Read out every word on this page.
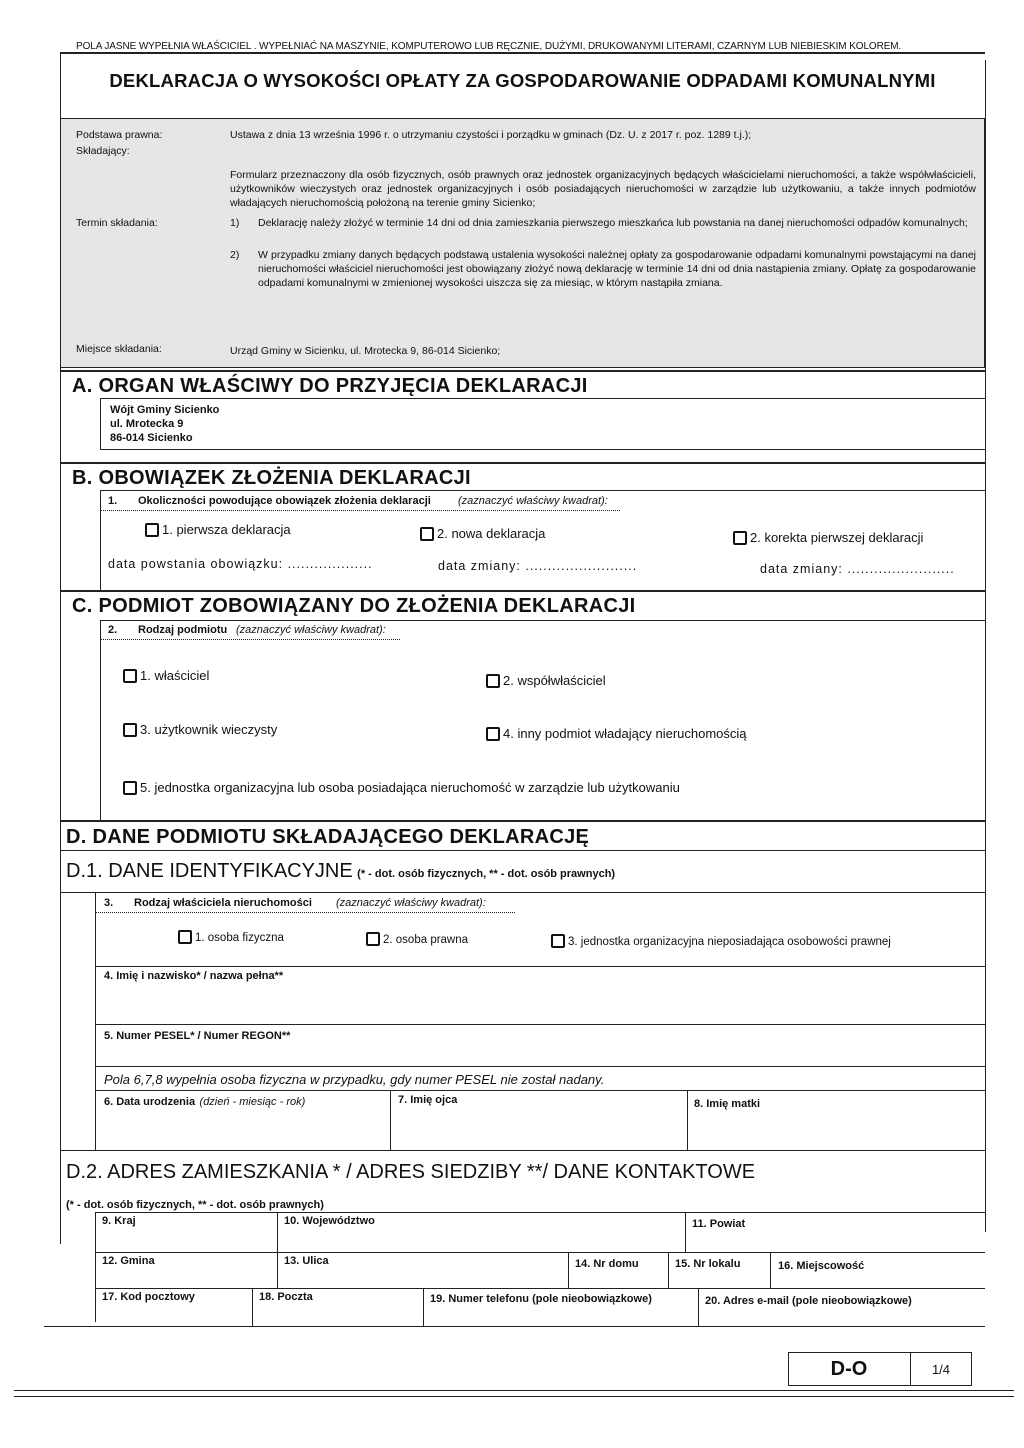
POLA JASNE WYPEŁNIA WŁAŚCICIEL . WYPEŁNIAĆ NA MASZYNIE, KOMPUTEROWO LUB RĘCZNIE, DUŻYMI, DRUKOWANYMI LITERAMI, CZARNYM LUB NIEBIESKIM KOLOREM.
DEKLARACJA O WYSOKOŚCI OPŁATY ZA GOSPODAROWANIE ODPADAMI KOMUNALNYMI
Podstawa prawna:	Ustawa z dnia 13 września 1996 r. o utrzymaniu czystości i porządku w gminach (Dz. U. z 2017 r. poz. 1289 t.j.);
Składający:
Formularz przeznaczony dla osób fizycznych, osób prawnych oraz jednostek organizacyjnych będących właścicielami nieruchomości, a także współwłaścicieli, użytkowników wieczystych oraz jednostek organizacyjnych i osób posiadających nieruchomości w zarządzie lub użytkowaniu, a także innych podmiotów władających nieruchomością położoną na terenie gminy Sicienko;
Termin składania:	1) Deklarację należy złożyć w terminie 14 dni od dnia zamieszkania pierwszego mieszkańca lub powstania na danej nieruchomości odpadów komunalnych;
2) W przypadku zmiany danych będących podstawą ustalenia wysokości należnej opłaty za gospodarowanie odpadami komunalnymi powstającymi na danej nieruchomości właściciel nieruchomości jest obowiązany złożyć nową deklarację w terminie 14 dni od dnia nastąpienia zmiany. Opłatę za gospodarowanie odpadami komunalnymi w zmienionej wysokości uiszcza się za miesiąc, w którym nastąpiła zmiana.
Miejsce składania:	Urząd Gminy w Sicienku, ul. Mrotecka 9, 86-014 Sicienko;
A. ORGAN WŁAŚCIWY DO PRZYJĘCIA DEKLARACJI
Wójt Gminy Sicienko
ul. Mrotecka 9
86-014 Sicienko
B. OBOWIĄZEK ZŁOŻENIA DEKLARACJI
1. Okoliczności powodujące obowiązek złożenia deklaracji (zaznaczyć właściwy kwadrat):
1. pierwsza deklaracja	2. nowa deklaracja	2. korekta pierwszej deklaracji
data powstania obowiązku: ...................	data zmiany: .........................	data zmiany: ........................
C. PODMIOT ZOBOWIĄZANY DO ZŁOŻENIA DEKLARACJI
2. Rodzaj podmiotu (zaznaczyć właściwy kwadrat):
1. właściciel	2. współwłaściciel
3. użytkownik wieczysty	4. inny podmiot władający nieruchomością
5. jednostka organizacyjna lub osoba posiadająca nieruchomość w zarządzie lub użytkowaniu
D. DANE PODMIOTU SKŁADAJĄCEGO DEKLARACJĘ
D.1. DANE IDENTYFIKACYJNE (* - dot. osób fizycznych, ** - dot. osób prawnych)
3. Rodzaj właściciela nieruchomości (zaznaczyć właściwy kwadrat):
1. osoba fizyczna	2. osoba prawna	3. jednostka organizacyjna nieposiadająca osobowości prawnej
4. Imię i nazwisko* / nazwa pełna**
5. Numer PESEL* / Numer REGON**
Pola 6,7,8 wypełnia osoba fizyczna w przypadku, gdy numer PESEL nie został nadany.
6. Data urodzenia (dzień - miesiąc - rok)	7. Imię ojca	8. Imię matki
D.2. ADRES ZAMIESZKANIA * / ADRES SIEDZIBY **/ DANE KONTAKTOWE
(* - dot. osób fizycznych, ** - dot. osób prawnych)
9. Kraj	10. Województwo	11. Powiat
12. Gmina	13. Ulica	14. Nr domu	15. Nr lokalu	16. Miejscowość
17. Kod pocztowy	18. Poczta	19. Numer telefonu (pole nieobowiązkowe)	20. Adres e-mail (pole nieobowiązkowe)
D-O	1/4
